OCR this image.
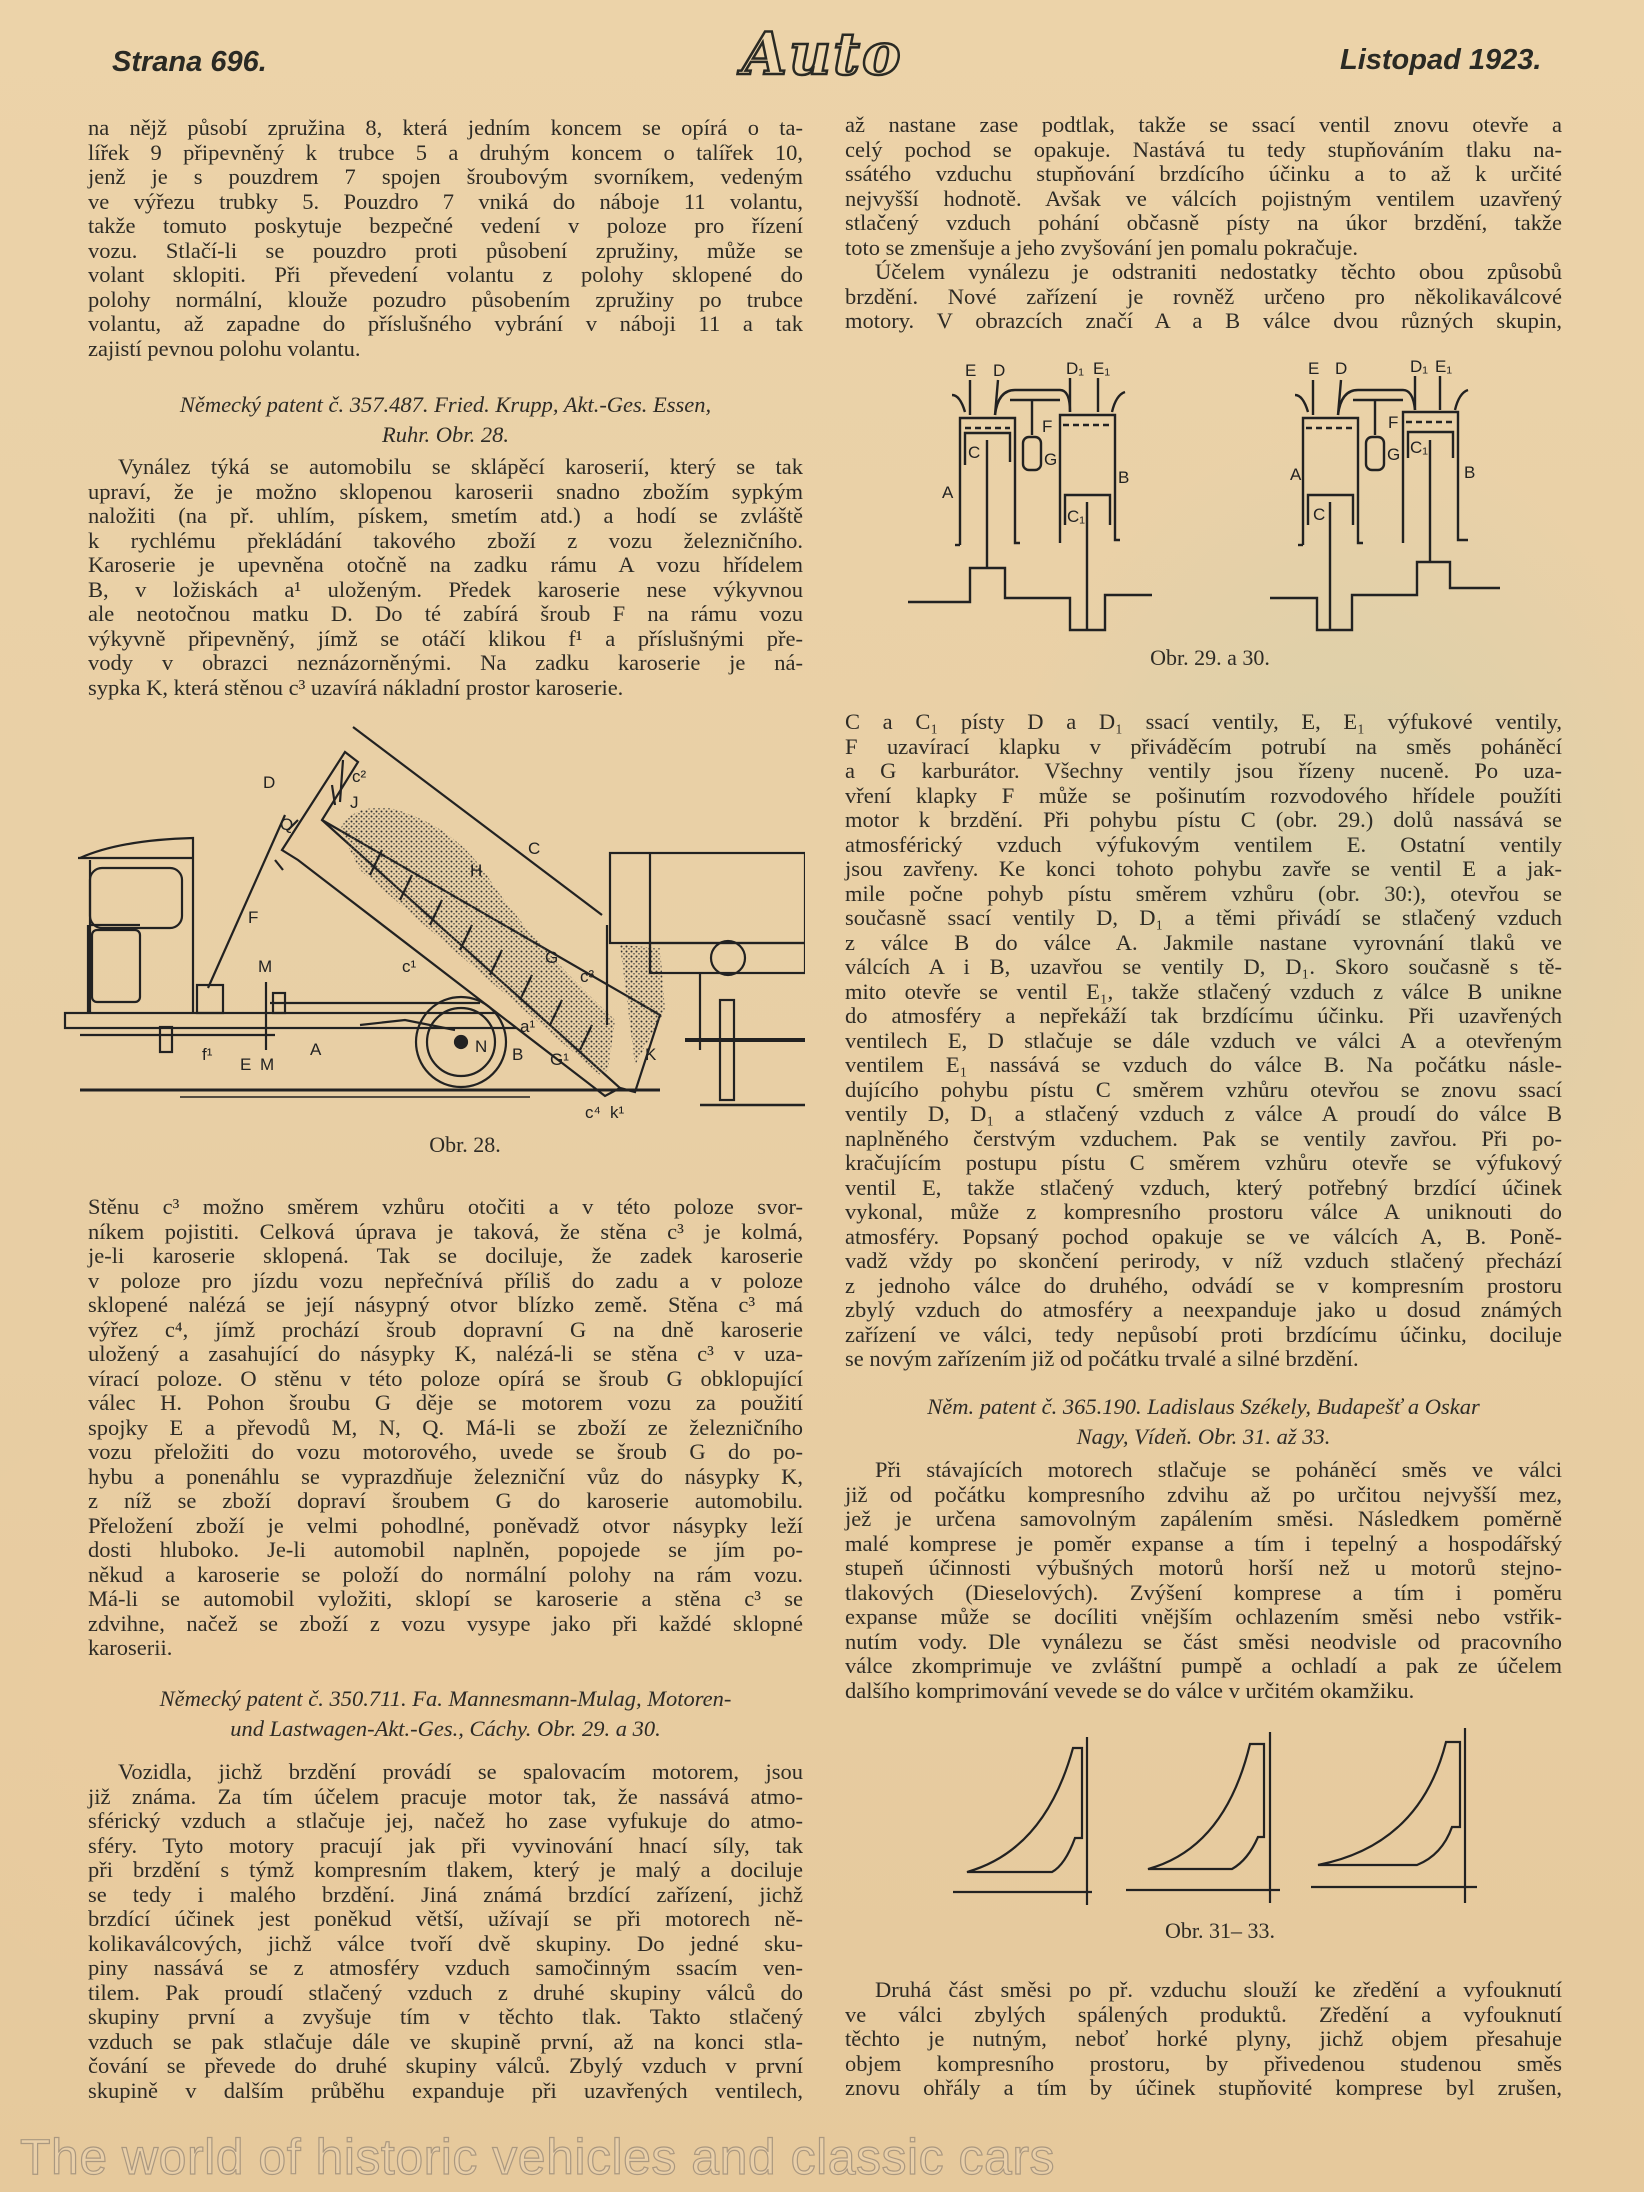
Strana 696.	Auto	Listopad 1923.
na nějž působí zpružina 8, která jedním koncem se opírá o ta-
lířek 9 připevněný k trubce 5 a druhým koncem o talířek 10,
jenž je s pouzdrem 7 spojen šroubovým svorníkem, vedeným
ve výřezu trubky 5. Pouzdro 7 vniká do náboje 11 volantu,
takže tomuto poskytuje bezpečné vedení v poloze pro řízení
vozu. Stlačí-li se pouzdro proti působení zpružiny, může se
volant sklopiti. Při převedení volantu z polohy sklopené do
polohy normální, klouže pozudro působením zpružiny po trubce
volantu, až zapadne do příslušného vybrání v náboji 11 a tak
zajistí pevnou polohu volantu.
Německý patent č. 357.487. Fried. Krupp, Akt.-Ges. Essen,
Ruhr. Obr. 28.
Vynález týká se automobilu se sklápěcí karoserií, který se tak
upraví, že je možno sklopenou karoserii snadno zbožím sypkým
naložiti (na př. uhlím, pískem, smetím atd.) a hodí se zvláště
k rychlému překládání takového zboží z vozu železničního.
Karoserie je upevněna otočně na zadku rámu A vozu hřídelem
B, v ložiskách a¹ uloženým. Předek karoserie nese výkyvnou
ale neotočnou matku D. Do té zabírá šroub F na rámu vozu
výkyvně připevněný, jímž se otáčí klikou f¹ a příslušnými pře-
vody v obrazci neznázorněnými. Na zadku karoserie je ná-
sypka K, která stěnou c³ uzavírá nákladní prostor karoserie.
D	c²
J
Q
C
H
F
c¹	G
c³
M
N
a¹
B G¹	K
f¹
E M
A
c⁴ k¹
Obr. 28.
Stěnu c³ možno směrem vzhůru otočiti a v této poloze svor-
níkem pojistiti. Celková úprava je taková, že stěna c³ je kolmá,
je-li karoserie sklopená. Tak se dociluje, že zadek karoserie
v poloze pro jízdu vozu nepřečnívá příliš do zadu a v poloze
sklopené nalézá se její násypný otvor blízko země. Stěna c³ má
výřez c⁴, jímž prochází šroub dopravní G na dně karoserie
uložený a zasahující do násypky K, nalézá-li se stěna c³ v uza-
vírací poloze. O stěnu v této poloze opírá se šroub G obklopující
válec H. Pohon šroubu G děje se motorem vozu za použití
spojky E a převodů M, N, Q. Má-li se zboží ze železničního
vozu přeložiti do vozu motorového, uvede se šroub G do po-
hybu a ponenáhlu se vyprazdňuje železniční vůz do násypky K,
z níž se zboží dopraví šroubem G do karoserie automobilu.
Přeložení zboží je velmi pohodlné, poněvadž otvor násypky leží
dosti hluboko. Je-li automobil naplněn, popojede se jím po-
někud a karoserie se položí do normální polohy na rám vozu.
Má-li se automobil vyložiti, sklopí se karoserie a stěna c³ se
zdvihne, načež se zboží z vozu vysype jako při každé sklopné
karoserii.
Německý patent č. 350.711. Fa. Mannesmann-Mulag, Motoren-
und Lastwagen-Akt.-Ges., Cáchy. Obr. 29. a 30.
Vozidla, jichž brzdění provádí se spalovacím motorem, jsou
již známa. Za tím účelem pracuje motor tak, že nassává atmo-
sférický vzduch a stlačuje jej, načež ho zase vyfukuje do atmo-
sféry. Tyto motory pracují jak při vyvinování hnací síly, tak
při brzdění s týmž kompresním tlakem, který je malý a dociluje
se tedy i malého brzdění. Jiná známá brzdící zařízení, jichž
brzdící účinek jest poněkud větší, užívají se při motorech ně-
kolikaválcových, jichž válce tvoří dvě skupiny. Do jedné sku-
piny nassává se z atmosféry vzduch samočinným ssacím ven-
tilem. Pak proudí stlačený vzduch z druhé skupiny válců do
skupiny první a zvyšuje tím v těchto tlak. Takto stlačený
vzduch se pak stlačuje dále ve skupině první, až na konci stla-
čování se převede do druhé skupiny válců. Zbylý vzduch v první
skupině v dalším průběhu expanduje při uzavřených ventilech,
až nastane zase podtlak, takže se ssací ventil znovu otevře a
celý pochod se opakuje. Nastává tu tedy stupňováním tlaku na-
ssátého vzduchu stupňování brzdícího účinku a to až k určité
nejvyšší hodnotě. Avšak ve válcích pojistným ventilem uzavřený
stlačený vzduch pohání občasně písty na úkor brzdění, takže
toto se zmenšuje a jeho zvyšování jen pomalu pokračuje.
Účelem vynálezu je odstraniti nedostatky těchto obou způsobů
brzdění. Nové zařízení je rovněž určeno pro několikaválcové
motory. V obrazcích značí A a B válce dvou různých skupin,
E D	D₁ E₁
F
C	G
A
B
C₁
E D	D₁ E₁
F
G C₁
A	B
C
Obr. 29. a 30.
C a C₁ písty D a D₁ ssací ventily, E, E₁ výfukové ventily,
F uzavírací klapku v přiváděcím potrubí na směs poháněcí
a G karburátor. Všechny ventily jsou řízeny nuceně. Po uza-
vření klapky F může se pošinutím rozvodového hřídele použíti
motor k brzdění. Při pohybu pístu C (obr. 29.) dolů nassává se
atmosférický vzduch výfukovým ventilem E. Ostatní ventily
jsou zavřeny. Ke konci tohoto pohybu zavře se ventil E a jak-
mile počne pohyb pístu směrem vzhůru (obr. 30:), otevřou se
současně ssací ventily D, D₁ a těmi přivádí se stlačený vzduch
z válce B do válce A. Jakmile nastane vyrovnání tlaků ve
válcích A i B, uzavřou se ventily D, D₁. Skoro současně s tě-
mito otevře se ventil E₁, takže stlačený vzduch z válce B unikne
do atmosféry a nepřekáží tak brzdícímu účinku. Při uzavřených
ventilech E, D stlačuje se dále vzduch ve válci A a otevřeným
ventilem E₁ nassává se vzduch do válce B. Na počátku násle-
dujícího pohybu pístu C směrem vzhůru otevřou se znovu ssací
ventily D, D₁ a stlačený vzduch z válce A proudí do válce B
naplněného čerstvým vzduchem. Pak se ventily zavřou. Při po-
kračujícím postupu pístu C směrem vzhůru otevře se výfukový
ventil E, takže stlačený vzduch, který potřebný brzdící účinek
vykonal, může z kompresního prostoru válce A uniknouti do
atmosféry. Popsaný pochod opakuje se ve válcích A, B. Poně-
vadž vždy po skončení perirody, v níž vzduch stlačený přechází
z jednoho válce do druhého, odvádí se v kompresním prostoru
zbylý vzduch do atmosféry a neexpanduje jako u dosud známých
zařízení ve válci, tedy nepůsobí proti brzdícímu účinku, dociluje
se novým zařízením již od počátku trvalé a silné brzdění.
Něm. patent č. 365.190. Ladislaus Székely, Budapešť a Oskar
Nagy, Vídeň. Obr. 31. až 33.
Při stávajících motorech stlačuje se poháněcí směs ve válci
již od počátku kompresního zdvihu až po určitou nejvyšší mez,
jež je určena samovolným zapálením směsi. Následkem poměrně
malé komprese je poměr expanse a tím i tepelný a hospodářský
stupeň účinnosti výbušných motorů horší než u motorů stejno-
tlakových (Dieselových). Zvýšení komprese a tím i poměru
expanse může se docíliti vnějším ochlazením směsi nebo vstřik-
nutím vody. Dle vynálezu se část směsi neodvisle od pracovního
válce zkomprimuje ve zvláštní pumpě a ochladí a pak ze účelem
dalšího komprimování vevede se do válce v určitém okamžiku.
Obr. 31– 33.
Druhá část směsi po př. vzduchu slouží ke zředění a vyfouknutí
ve válci zbylých spálených produktů. Zředění a vyfouknutí
těchto je nutným, neboť horké plyny, jichž objem přesahuje
objem kompresního prostoru, by přivedenou studenou směs
znovu ohřály a tím by účinek stupňovité komprese byl zrušen,
The world of historic vehicles and classic cars
